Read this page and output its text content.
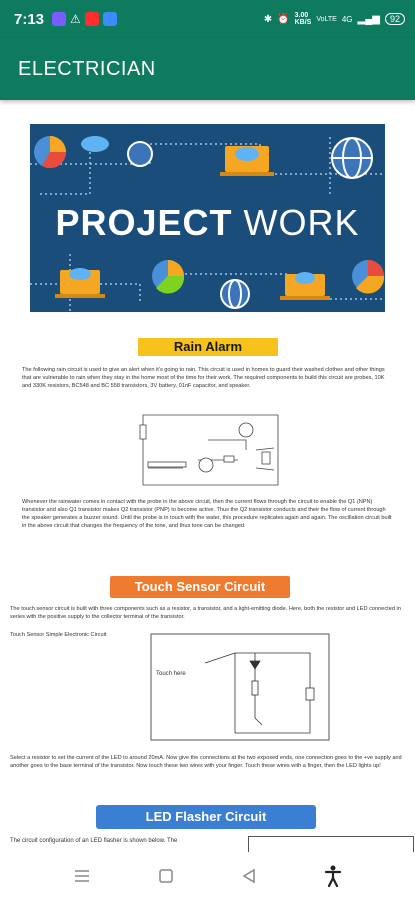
7:13 ⚠	✱ ⏰ 3.00
KB/S VoLTE 4G ▂▄▆	92
ELECTRICIAN
PROJECT WORK
Rain Alarm

The following rain circuit is used to give an alert when it’s going to rain. This circuit is used in homes to guard their washed clothes and other things that are vulnerable to rain when they stay in the home most of the time for their work. The required components to build this circuit are probes, 10K and 330K resistors, BC548 and BC 558 transistors, 3V battery, 01nF capacitor, and speaker.

Whenever the rainwater comes in contact with the probe in the above circuit, then the current flows through the circuit to enable the Q1 (NPN) transistor and also Q1 transistor makes Q2 transistor (PNP) to become active. Thus the Q2 transistor conducts and their the flow of current through the speaker generates a buzzer sound. Until the probe is in touch with the water, this procedure replicates again and again. The oscillation circuit built in the above circuit that changes the frequency of the tone, and thus tone can be changed.

Touch Sensor Circuit

The touch sensor circuit is built with three components such as a resistor, a transistor, and a light-emitting diode. Here, both the resistor and LED connected in series with the positive supply to the collector terminal of the transistor.

Touch Sensor Simple Electronic Circuit

Touch here

Select a resistor to set the current of the LED to around 20mA. Now give the connections at the two exposed ends, one connection goes to the +ve supply and another goes to the base terminal of the transistor. Now touch these two wires with your finger. Touch these wires with a finger, then the LED lights up!

LED Flasher Circuit

The circuit configuration of an LED flasher is shown below. The
